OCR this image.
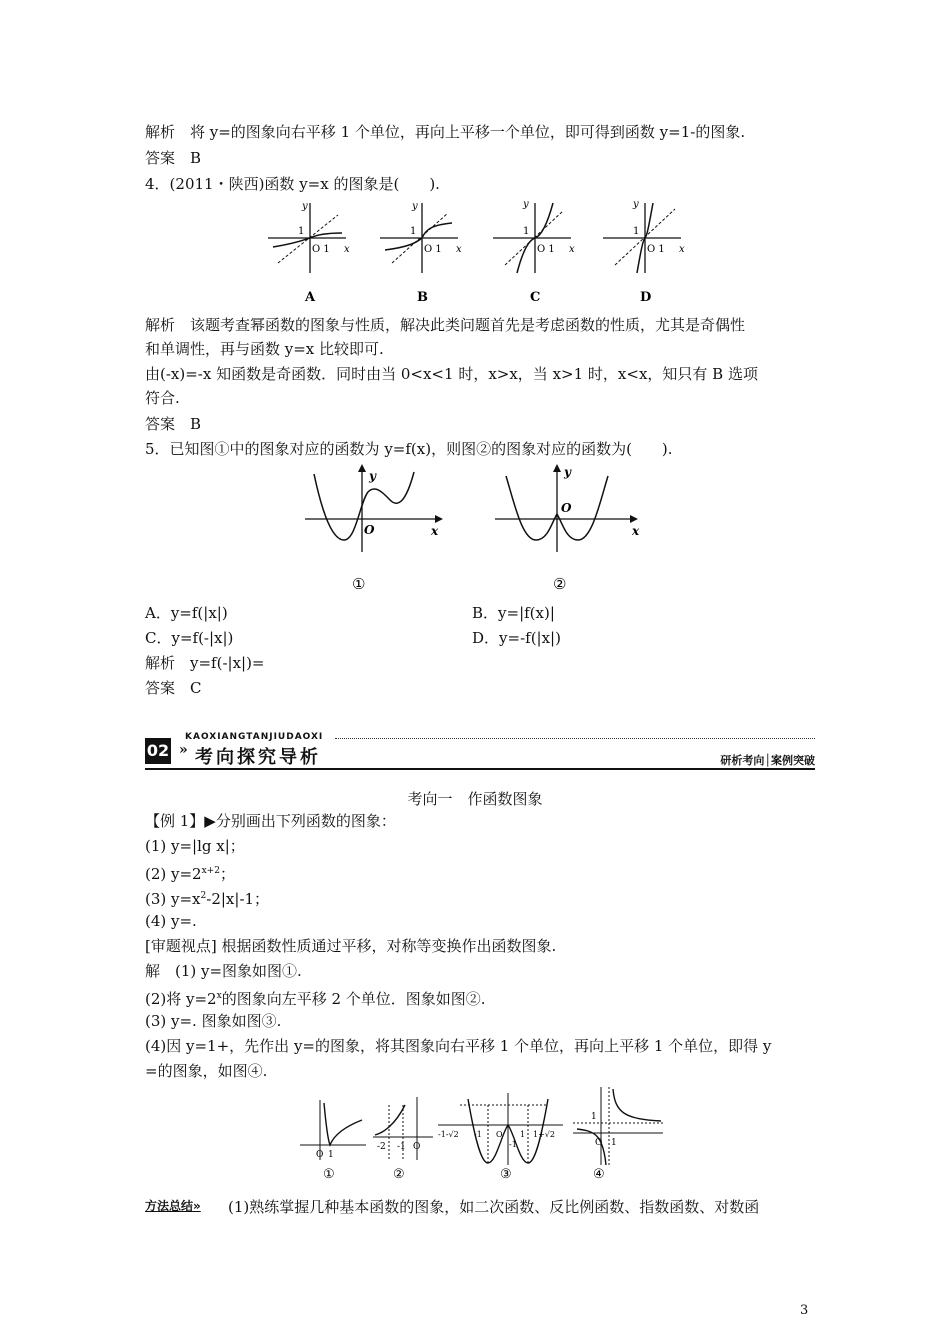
解析　将 y=的图象向右平移 1 个单位，再向上平移一个单位，即可得到函数 y=1-的图象.
答案　B
4．(2011・陕西)函数 y=x 的图象是(　　).
y
x
1
O 1
A
y
x
1
O 1
B
y
x
1
O 1
C
y
x
1
O 1
D
解析　该题考查幂函数的图象与性质，解决此类问题首先是考虑函数的性质，尤其是奇偶性
和单调性，再与函数 y=x 比较即可.
由(-x)=-x 知函数是奇函数．同时由当 0<x<1 时，x>x，当 x>1 时，x<x，知只有 B 选项
符合.
答案　B
5．已知图①中的图象对应的函数为 y=f(x)，则图②的图象对应的函数为(　　).
y
x
O
①
y
x
O
②
A．y=f(|x|)	B．y=|f(x)|
C．y=f(-|x|)	D．y=-f(|x|)
解析　y=f(-|x|)=
答案　C
KAOXIANGTANJIUDAOXI
02 » 考向探究导析	研析考向│案例突破
考向一　作函数图象
【例 1】▶分别画出下列函数的图象：
(1) y=|lg x|；
(2) $y=2^{x+2}$；
(3) $y=x^2-2|x|-1$；
(4) y=.
[审题视点] 根据函数性质通过平移，对称等变换作出函数图象.
解　(1) y=图象如图①.
(2)将 $y=2^x$的图象向左平移 2 个单位．图象如图②.
(3) y=. 图象如图③.
(4)因 y=1+，先作出 y=的图象，将其图象向右平移 1 个单位，再向上平移 1 个单位，即得 y
=的图象，如图④.
O 1
①
-2 -1 O
②
-1-√2 -1 O 1 1+√2
-1
③
1
O 1
④
方法总结» (1)熟练掌握几种基本函数的图象，如二次函数、反比例函数、指数函数、对数函
3
